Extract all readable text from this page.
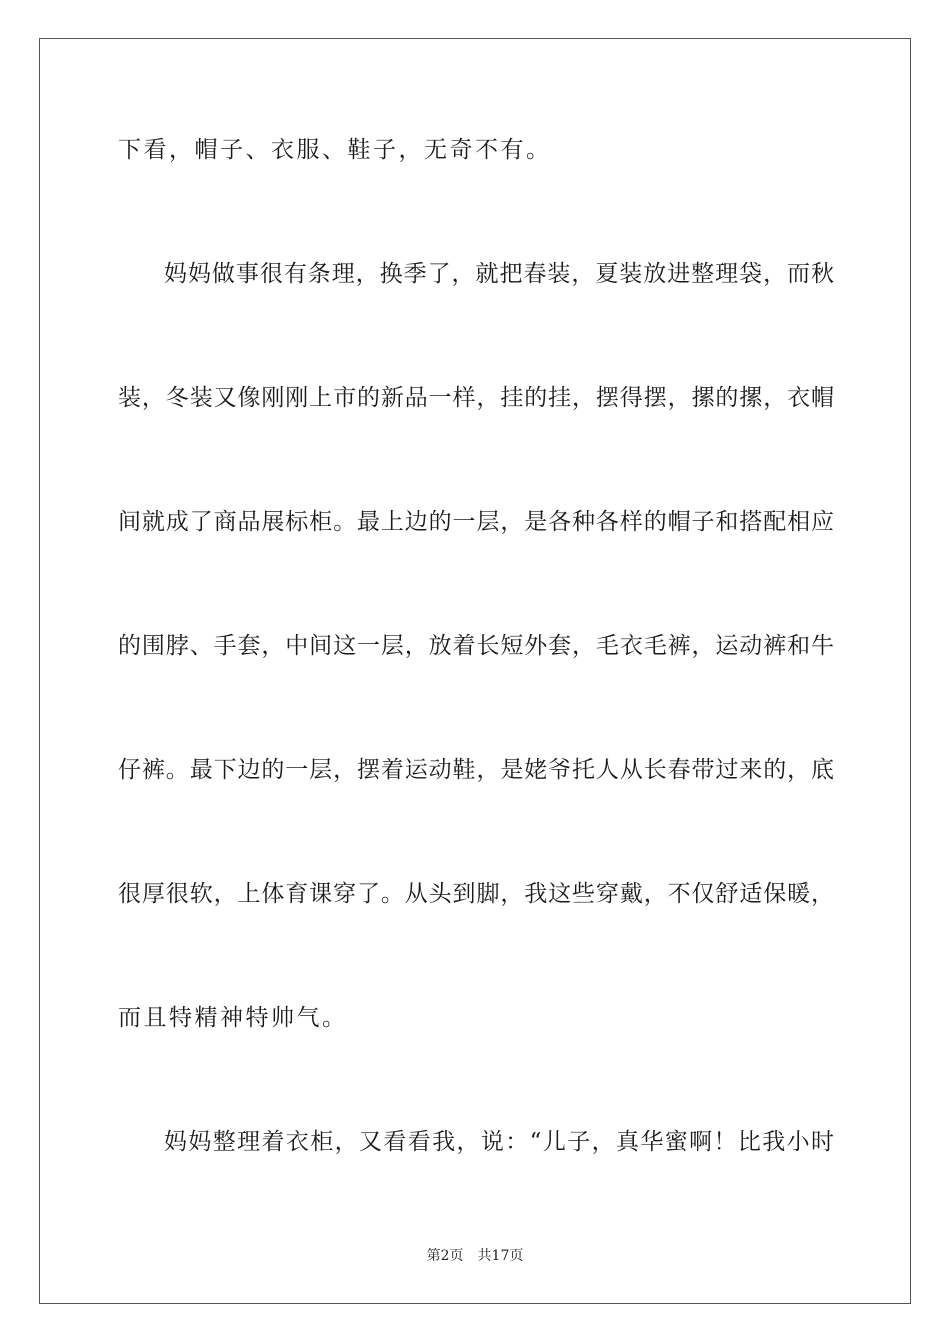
下看，帽子、衣服、鞋子，无奇不有。
妈妈做事很有条理，换季了，就把春装，夏装放进整理袋，而秋
装，冬装又像刚刚上市的新品一样，挂的挂，摆得摆，摞的摞，衣帽
间就成了商品展标柜。最上边的一层，是各种各样的帽子和搭配相应
的围脖、手套，中间这一层，放着长短外套，毛衣毛裤，运动裤和牛
仔裤。最下边的一层，摆着运动鞋，是姥爷托人从长春带过来的，底
很厚很软，上体育课穿了。从头到脚，我这些穿戴，不仅舒适保暖，
而且特精神特帅气。
妈妈整理着衣柜，又看看我，说：“儿子，真华蜜啊！比我小时
第2页 共17页
